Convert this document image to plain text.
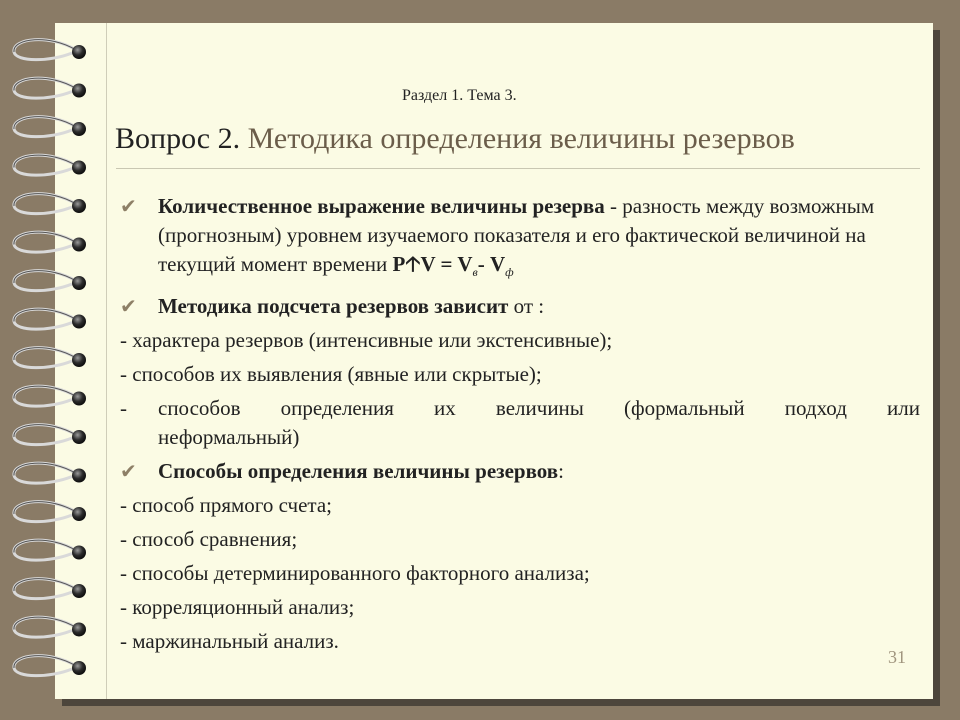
Раздел 1. Тема 3.
Вопрос 2. Методика определения величины резервов
✔ Количественное выражение величины резерва - разность между возможным (прогнозным) уровнем изучаемого показателя и его фактической величиной на текущий момент времени P🡡V = $V_в-$ $V_ф$
✔ Методика подсчета резервов зависит от :
- характера резервов (интенсивные или экстенсивные);
- способов их выявления (явные или скрытые);
-	способов определения их величины (формальный подход или
неформальный)
✔ Способы определения величины резервов:
- способ прямого счета;
- способ сравнения;
- способы детерминированного факторного анализа;
- корреляционный анализ;
- маржинальный анализ.
31
